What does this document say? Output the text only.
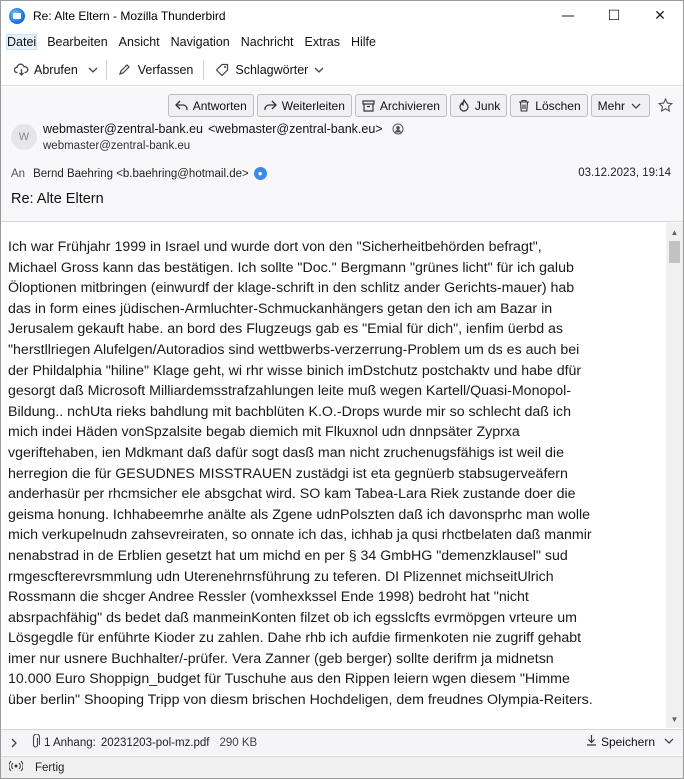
Re: Alte Eltern - Mozilla Thunderbird	—	☐	✕
Datei Bearbeiten Ansicht Navigation Nachricht Extras Hilfe
Abrufen	Verfassen	Schlagwörter
Antworten	Weiterleiten	Archivieren	Junk	Löschen Mehr
W
webmaster@zentral-bank.eu <webmaster@zentral-bank.eu>
webmaster@zentral-bank.eu
An Bernd Baehring <b.baehring@hotmail.de>	●	03.12.2023, 19:14
Re: Alte Eltern
Ich war Frühjahr 1999 in Israel und wurde dort von den "Sicherheitbehörden befragt",
Michael Gross kann das bestätigen. Ich sollte "Doc." Bergmann "grünes licht" für ich galub
Öloptionen mitbringen (einwurdf der klage-schrift in den schlitz ander Gerichts-mauer) hab
das in form eines jüdischen-Armluchter-Schmuckanhängers getan den ich am Bazar in
Jerusalem gekauft habe. an bord des Flugzeugs gab es "Emial für dich", ienfim üerbd as
"herstllriegen Alufelgen/Autoradios sind wettbwerbs-verzerrung-Problem um ds es auch bei
der Phildalphia "hiline" Klage geht, wi rhr wisse binich imDstchutz postchaktv und habe dfür
gesorgt daß Microsoft Milliardemsstrafzahlungen leite muß wegen Kartell/Quasi-Monopol-
Bildung.. nchUta rieks bahdlung mit bachblüten K.O.-Drops wurde mir so schlecht daß ich
mich indei Häden vonSpzalsite begab diemich mit Flkuxnol udn dnnpsäter Zyprxa
vgeriftehaben, ien Mdkmant daß dafür sogt dasß man nicht zruchenugsfähigs ist weil die
herregion die für GESUDNES MISSTRAUEN zustädgi ist eta gegnüerb stabsugerveäfern
anderhasür per rhcmsicher ele absgchat wird. SO kam Tabea-Lara Riek zustande doer die
geisma honung. Ichhabeemrhe anälte als Zgene udnPolszten daß ich davonsprhc man wolle
mich verkupelnudn zahsevreiraten, so onnate ich das, ichhab ja qusi rhctbelaten daß manmir
nenabstrad in de Erblien gesetzt hat um michd en per § 34 GmbHG "demenzklausel" sud
rmgescfterevrsmmlung udn Uterenehrnsführung zu teferen. DI Plizennet michseitUlrich
Rossmann die shcger Andree Ressler (vomhexkssel Ende 1998) bedroht hat "nicht
absrpachfähig" ds bedet daß manmeinKonten filzet ob ich egsslcfts evrmöpgen vrteure um
Lösgegdle für enführte Kioder zu zahlen. Dahe rhb ich aufdie firmenkoten nie zugriff gehabt
imer nur usnere Buchhalter/-prüfer. Vera Zanner (geb berger) sollte derifrm ja midnetsn
10.000 Euro Shoppign_budget für Tuschuhe aus den Rippen leiern wgen diesem "Himme
über berlin" Shooping Tripp von diesm brischen Hochdeligen, dem freudnes Olympia-Reiters.
▲
▼
1 Anhang: 20231203-pol-mz.pdf 290 KB	Speichern
Fertig
